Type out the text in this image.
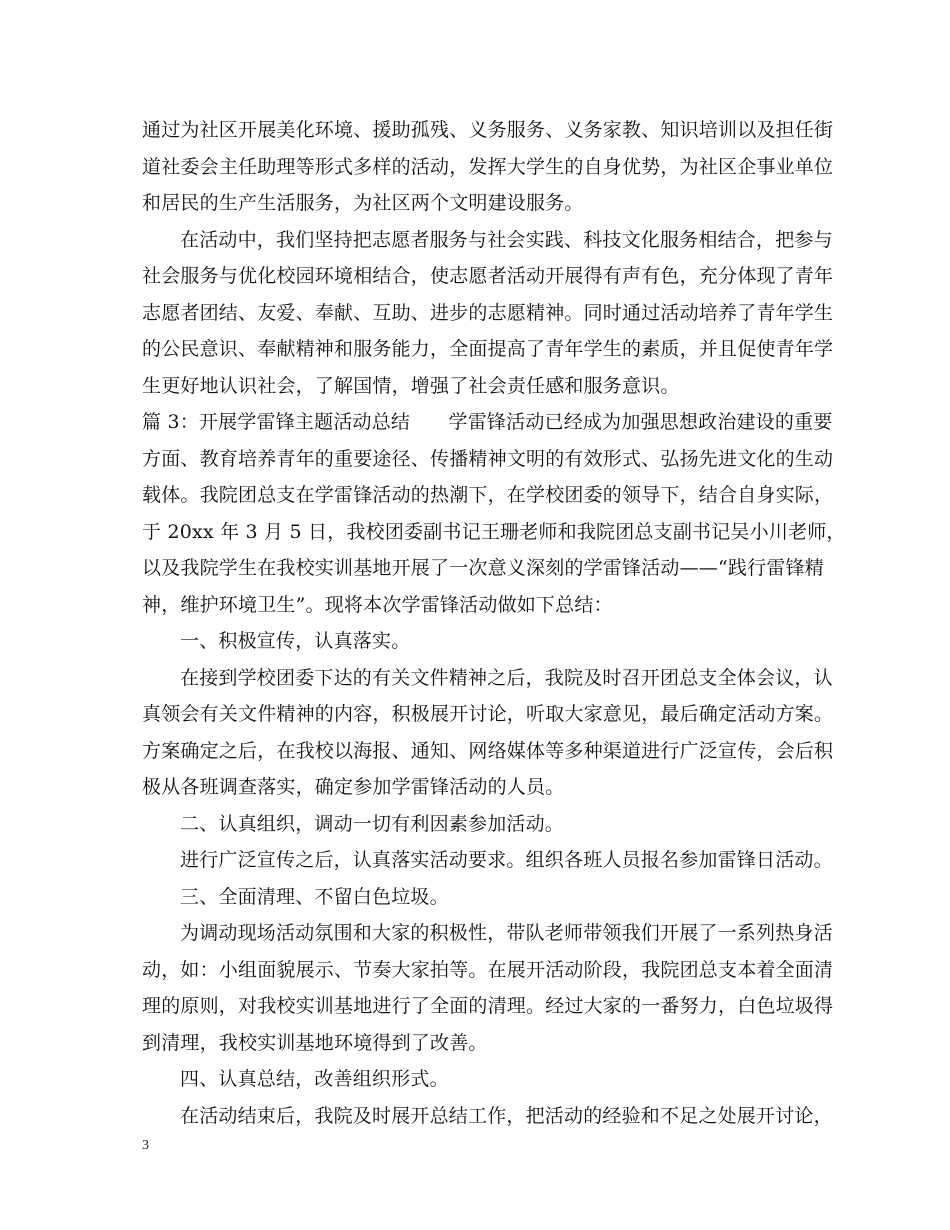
通过为社区开展美化环境、援助孤残、义务服务、义务家教、知识培训以及担任街
道社委会主任助理等形式多样的活动，发挥大学生的自身优势，为社区企事业单位
和居民的生产生活服务，为社区两个文明建设服务。
在活动中，我们坚持把志愿者服务与社会实践、科技文化服务相结合，把参与
社会服务与优化校园环境相结合，使志愿者活动开展得有声有色，充分体现了青年
志愿者团结、友爱、奉献、互助、进步的志愿精神。同时通过活动培养了青年学生
的公民意识、奉献精神和服务能力，全面提高了青年学生的素质，并且促使青年学
生更好地认识社会，了解国情，增强了社会责任感和服务意识。
篇 3：开展学雷锋主题活动总结　　学雷锋活动已经成为加强思想政治建设的重要
方面、教育培养青年的重要途径、传播精神文明的有效形式、弘扬先进文化的生动
载体。我院团总支在学雷锋活动的热潮下，在学校团委的领导下，结合自身实际，
于 20xx 年 3 月 5 日，我校团委副书记王珊老师和我院团总支副书记吴小川老师，
以及我院学生在我校实训基地开展了一次意义深刻的学雷锋活动——“践行雷锋精
神，维护环境卫生”。现将本次学雷锋活动做如下总结：
一、积极宣传，认真落实。
在接到学校团委下达的有关文件精神之后，我院及时召开团总支全体会议，认
真领会有关文件精神的内容，积极展开讨论，听取大家意见，最后确定活动方案。
方案确定之后，在我校以海报、通知、网络媒体等多种渠道进行广泛宣传，会后积
极从各班调查落实，确定参加学雷锋活动的人员。
二、认真组织，调动一切有利因素参加活动。
进行广泛宣传之后，认真落实活动要求。组织各班人员报名参加雷锋日活动。
三、全面清理、不留白色垃圾。
为调动现场活动氛围和大家的积极性，带队老师带领我们开展了一系列热身活
动，如：小组面貌展示、节奏大家拍等。在展开活动阶段，我院团总支本着全面清
理的原则，对我校实训基地进行了全面的清理。经过大家的一番努力，白色垃圾得
到清理，我校实训基地环境得到了改善。
四、认真总结，改善组织形式。
在活动结束后，我院及时展开总结工作，把活动的经验和不足之处展开讨论，
3
